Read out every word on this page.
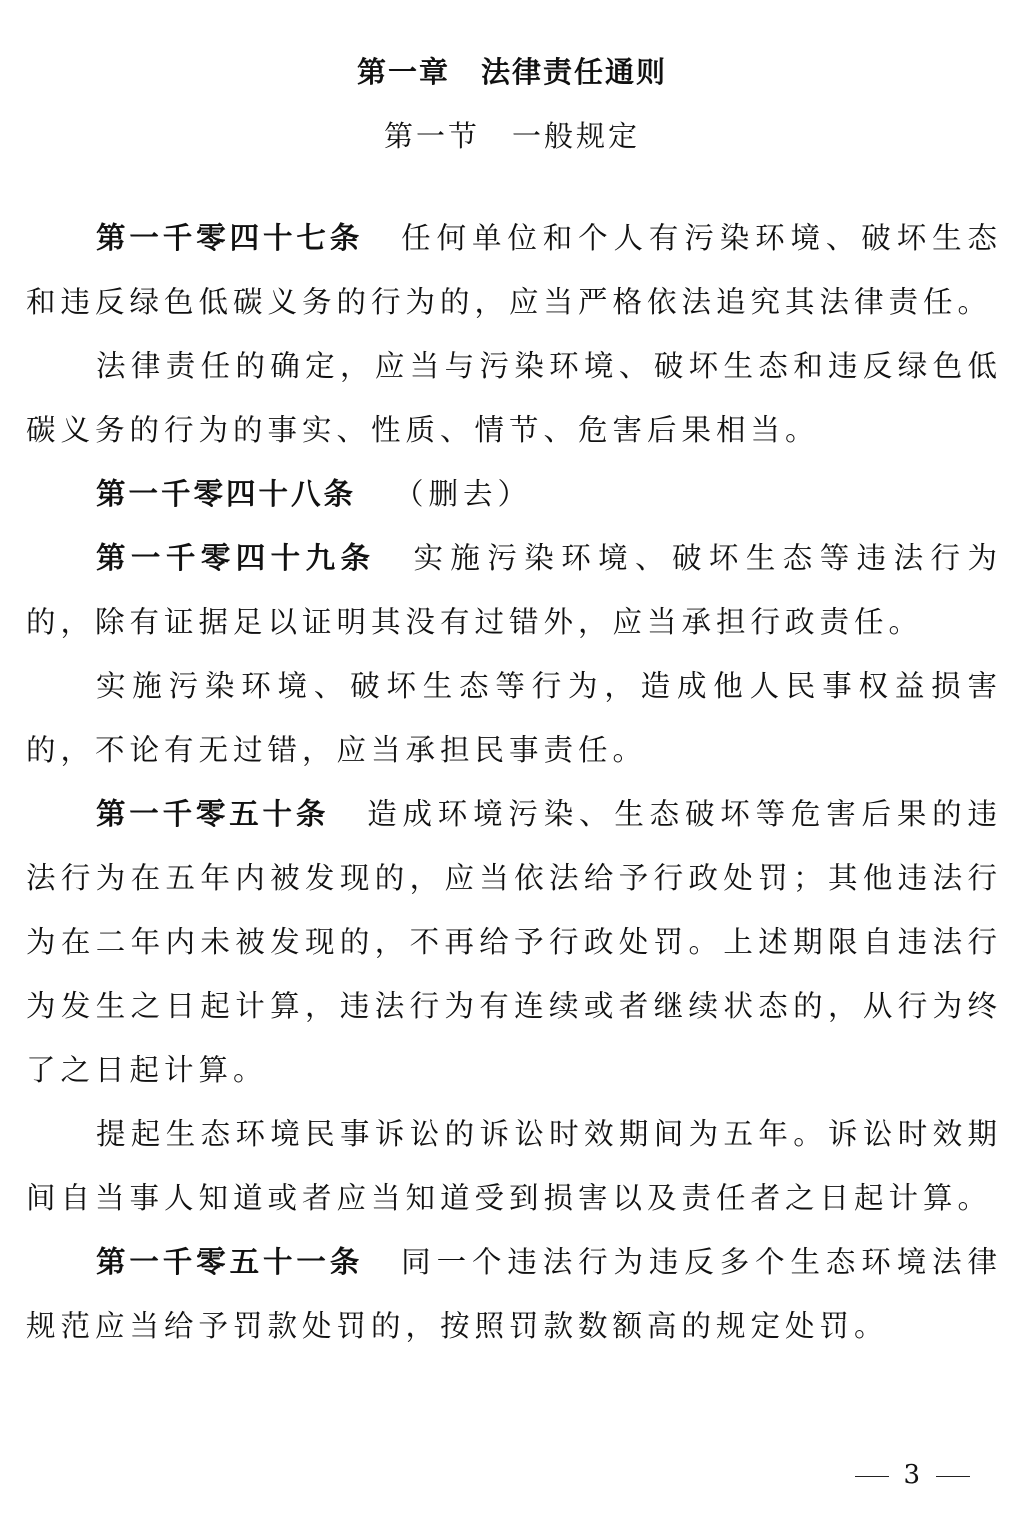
第一章　法律责任通则
第一节　一般规定

第一千零四十七条 任何单位和个人有污染环境、破坏生态和违反绿色低碳义务的行为的，应当严格依法追究其法律责任。

法律责任的确定，应当与污染环境、破坏生态和违反绿色低碳义务的行为的事实、性质、情节、危害后果相当。

第一千零四十八条 （删去）

第一千零四十九条 实施污染环境、破坏生态等违法行为的，除有证据足以证明其没有过错外，应当承担行政责任。

实施污染环境、破坏生态等行为，造成他人民事权益损害的，不论有无过错，应当承担民事责任。

第一千零五十条 造成环境污染、生态破坏等危害后果的违法行为在五年内被发现的，应当依法给予行政处罚；其他违法行为在二年内未被发现的，不再给予行政处罚。上述期限自违法行为发生之日起计算，违法行为有连续或者继续状态的，从行为终了之日起计算。

提起生态环境民事诉讼的诉讼时效期间为五年。诉讼时效期间自当事人知道或者应当知道受到损害以及责任者之日起计算。

第一千零五十一条 同一个违法行为违反多个生态环境法律规范应当给予罚款处罚的，按照罚款数额高的规定处罚。

3
